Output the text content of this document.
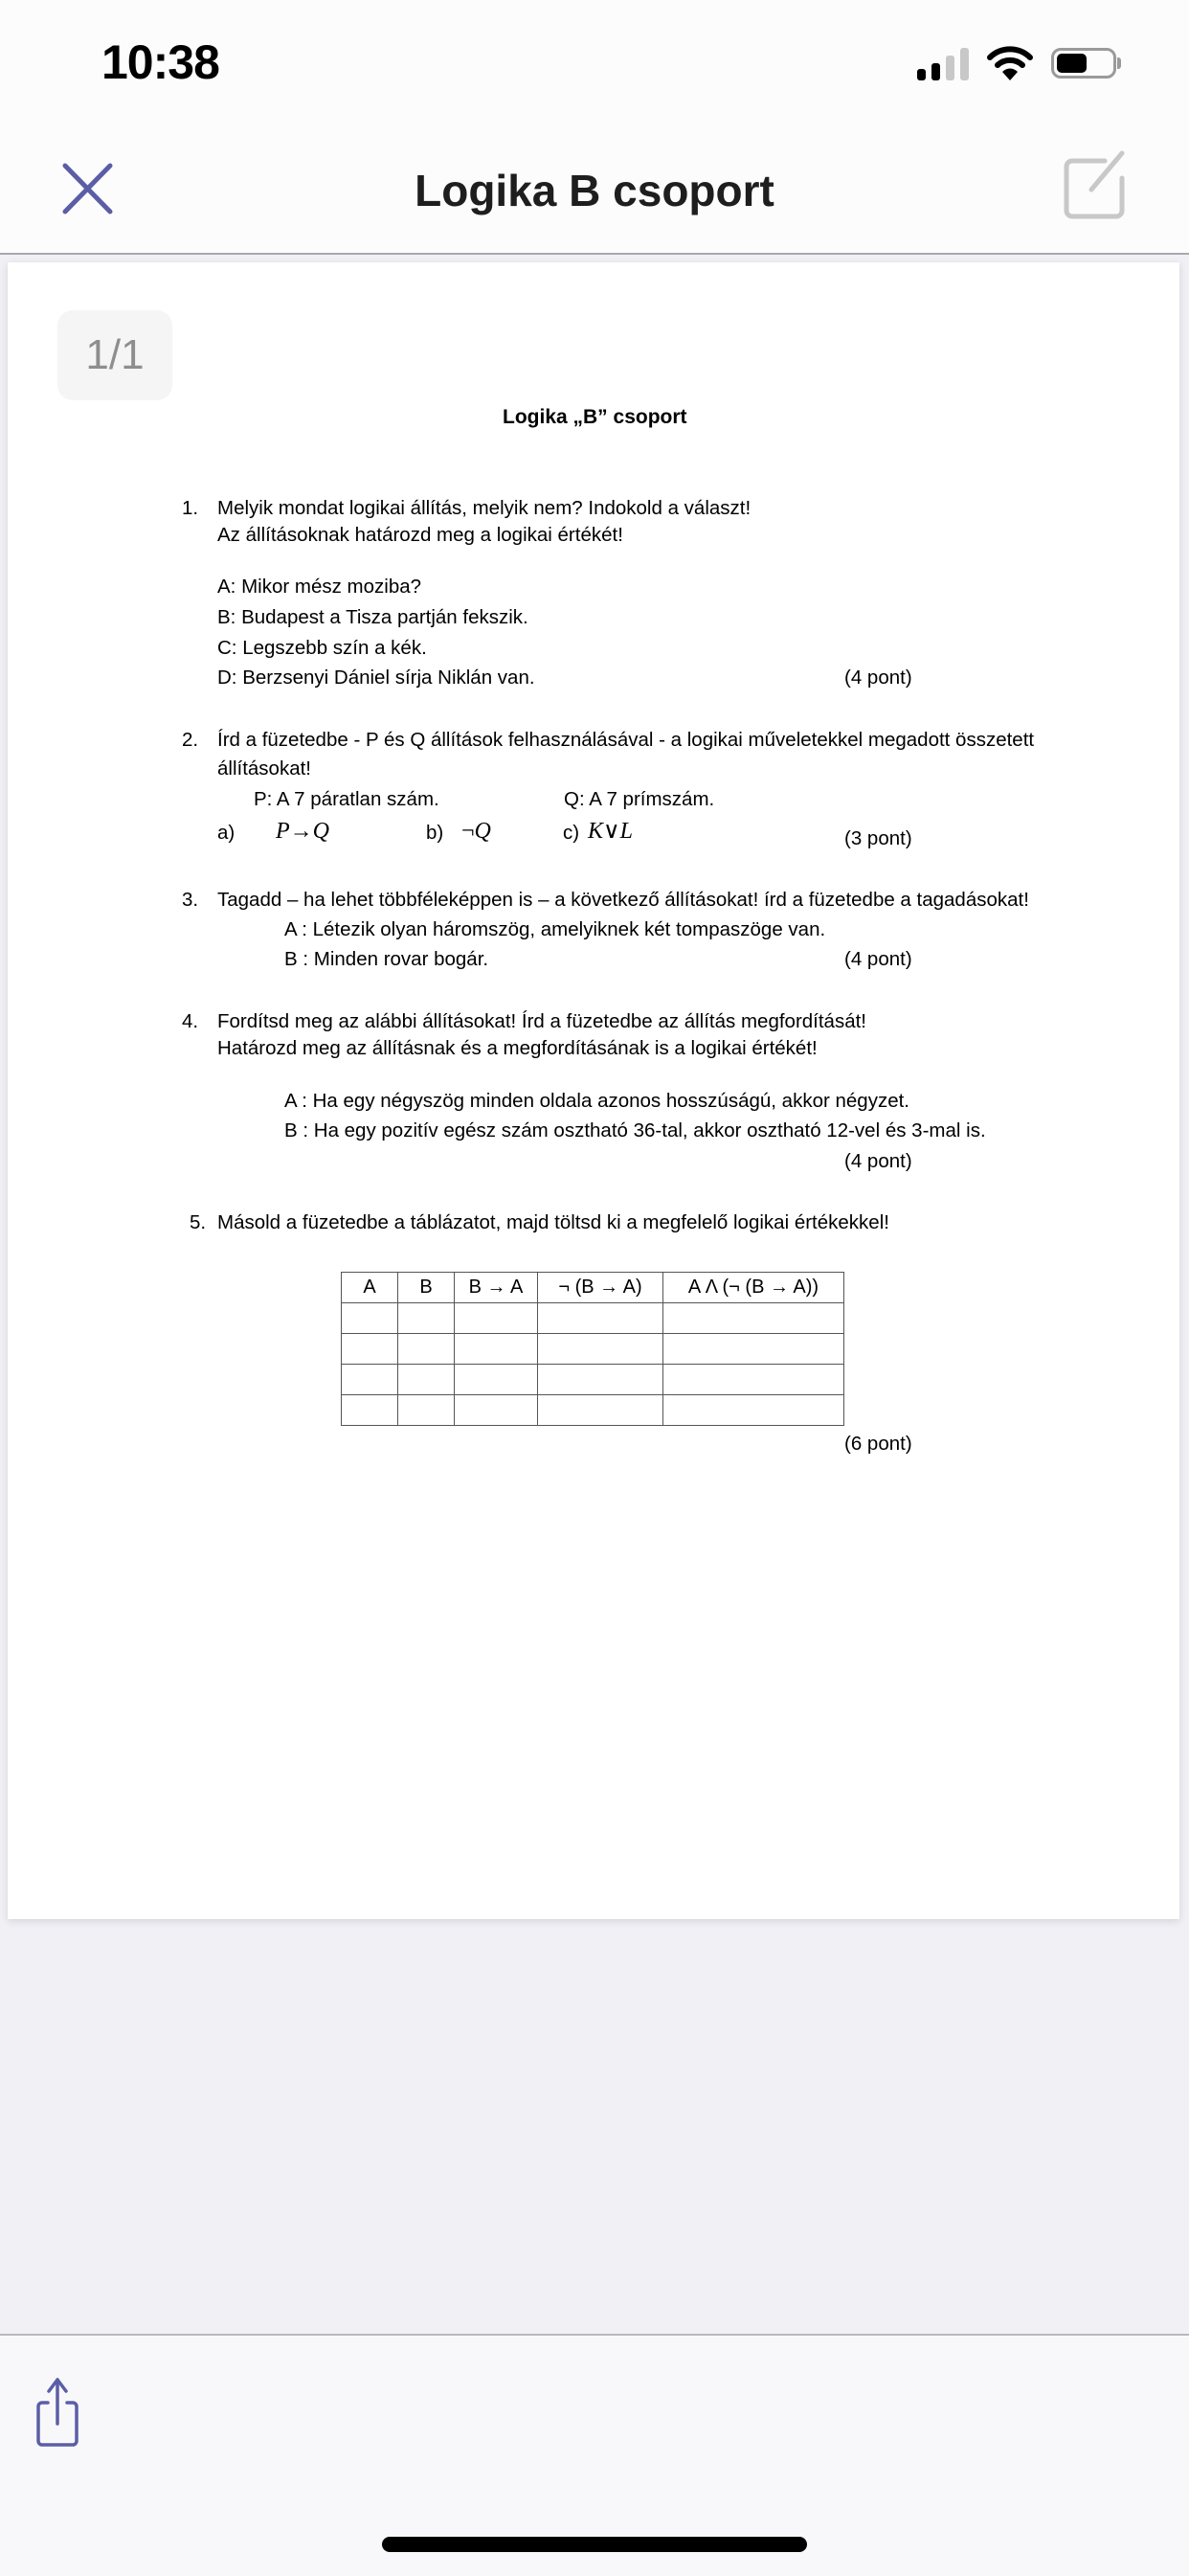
10:38
Logika B csoport
1/1
Logika „B” csoport
1. Melyik mondat logikai állítás, melyik nem? Indokold a választ!
Az állításoknak határozd meg a logikai értékét!
A: Mikor mész moziba?
B: Budapest a Tisza partján fekszik.
C: Legszebb szín a kék.
D: Berzsenyi Dániel sírja Niklán van.	(4 pont)
2. Írd a füzetedbe - P és Q állítások felhasználásával - a logikai műveletekkel megadott összetett
állításokat!
P: A 7 páratlan szám.	Q: A 7 prímszám.
a) P→Q	b) ¬Q	c) K∨L	(3 pont)
3. Tagadd – ha lehet többféleképpen is – a következő állításokat! írd a füzetedbe a tagadásokat!
A : Létezik olyan háromszög, amelyiknek két tompaszöge van.
B : Minden rovar bogár.	(4 pont)
4. Fordítsd meg az alábbi állításokat! Írd a füzetedbe az állítás megfordítását!
Határozd meg az állításnak és a megfordításának is a logikai értékét!
A : Ha egy négyszög minden oldala azonos hosszúságú, akkor négyzet.
B : Ha egy pozitív egész szám osztható 36-tal, akkor osztható 12-vel és 3-mal is.
(4 pont)
5. Másold a füzetedbe a táblázatot, majd töltsd ki a megfelelő logikai értékekkel!
A	B	B → A	¬ (B → A)	A Λ (¬ (B → A))

(6 pont)
